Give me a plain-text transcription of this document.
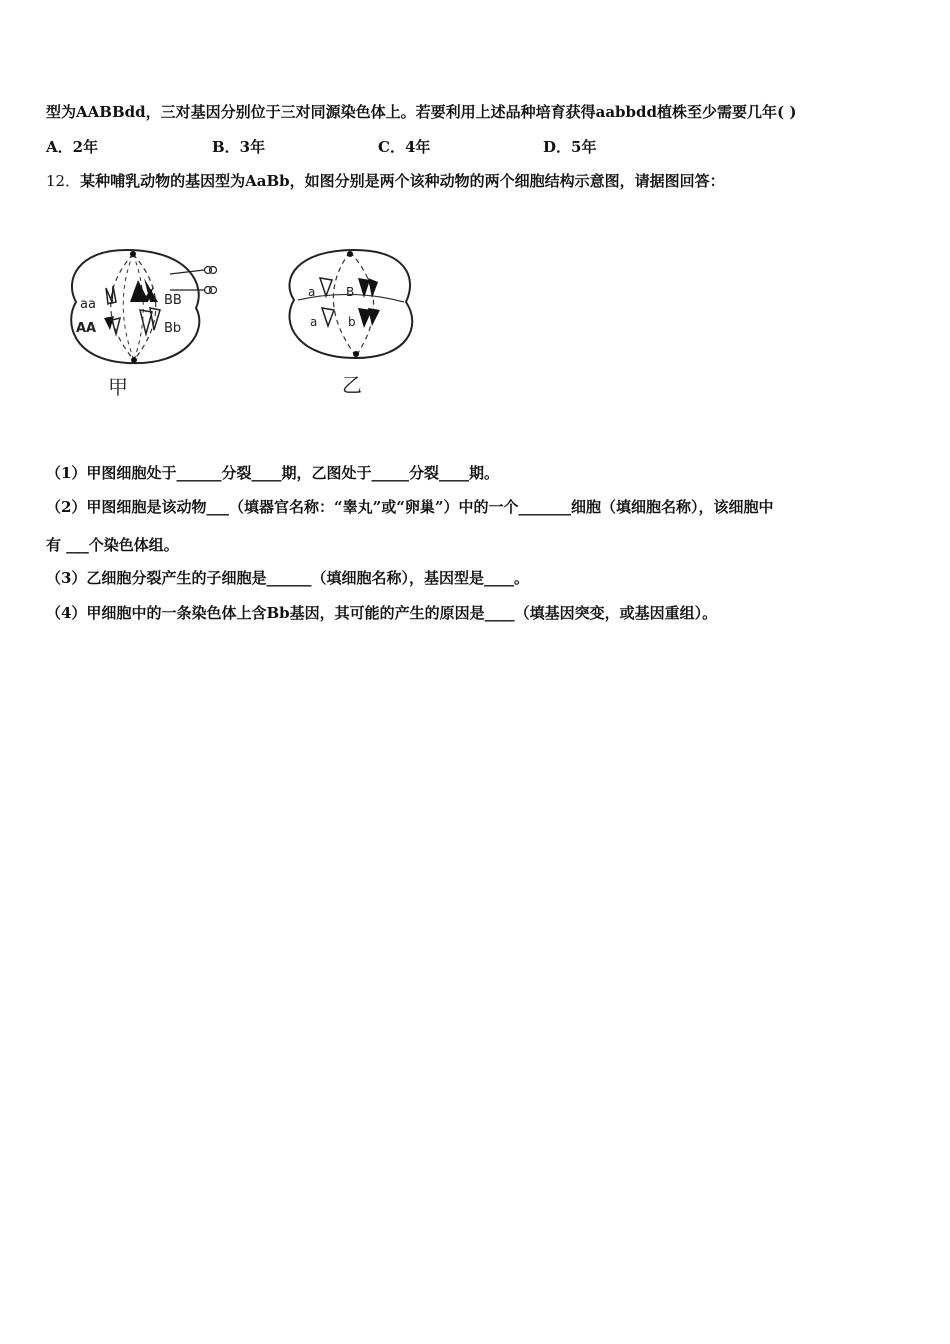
型为AABBdd，三对基因分别位于三对同源染色体上。若要利用上述品种培育获得aabbdd植株至少需要几年( )
A．2年	B．3年	C．4年	D．5年
12．某种哺乳动物的基因型为AaBb，如图分别是两个该种动物的两个细胞结构示意图，请据图回答：
aa	BB
AA	Bb
甲
a	B
a	b
乙
（1）甲图细胞处于______分裂____期，乙图处于_____分裂____期。
（2）甲图细胞是该动物___（填器官名称：“睾丸”或“卵巢”）中的一个_______细胞（填细胞名称），该细胞中
有 ___个染色体组。
（3）乙细胞分裂产生的子细胞是______（填细胞名称），基因型是____。
（4）甲细胞中的一条染色体上含Bb基因，其可能的产生的原因是____（填基因突变，或基因重组）。
